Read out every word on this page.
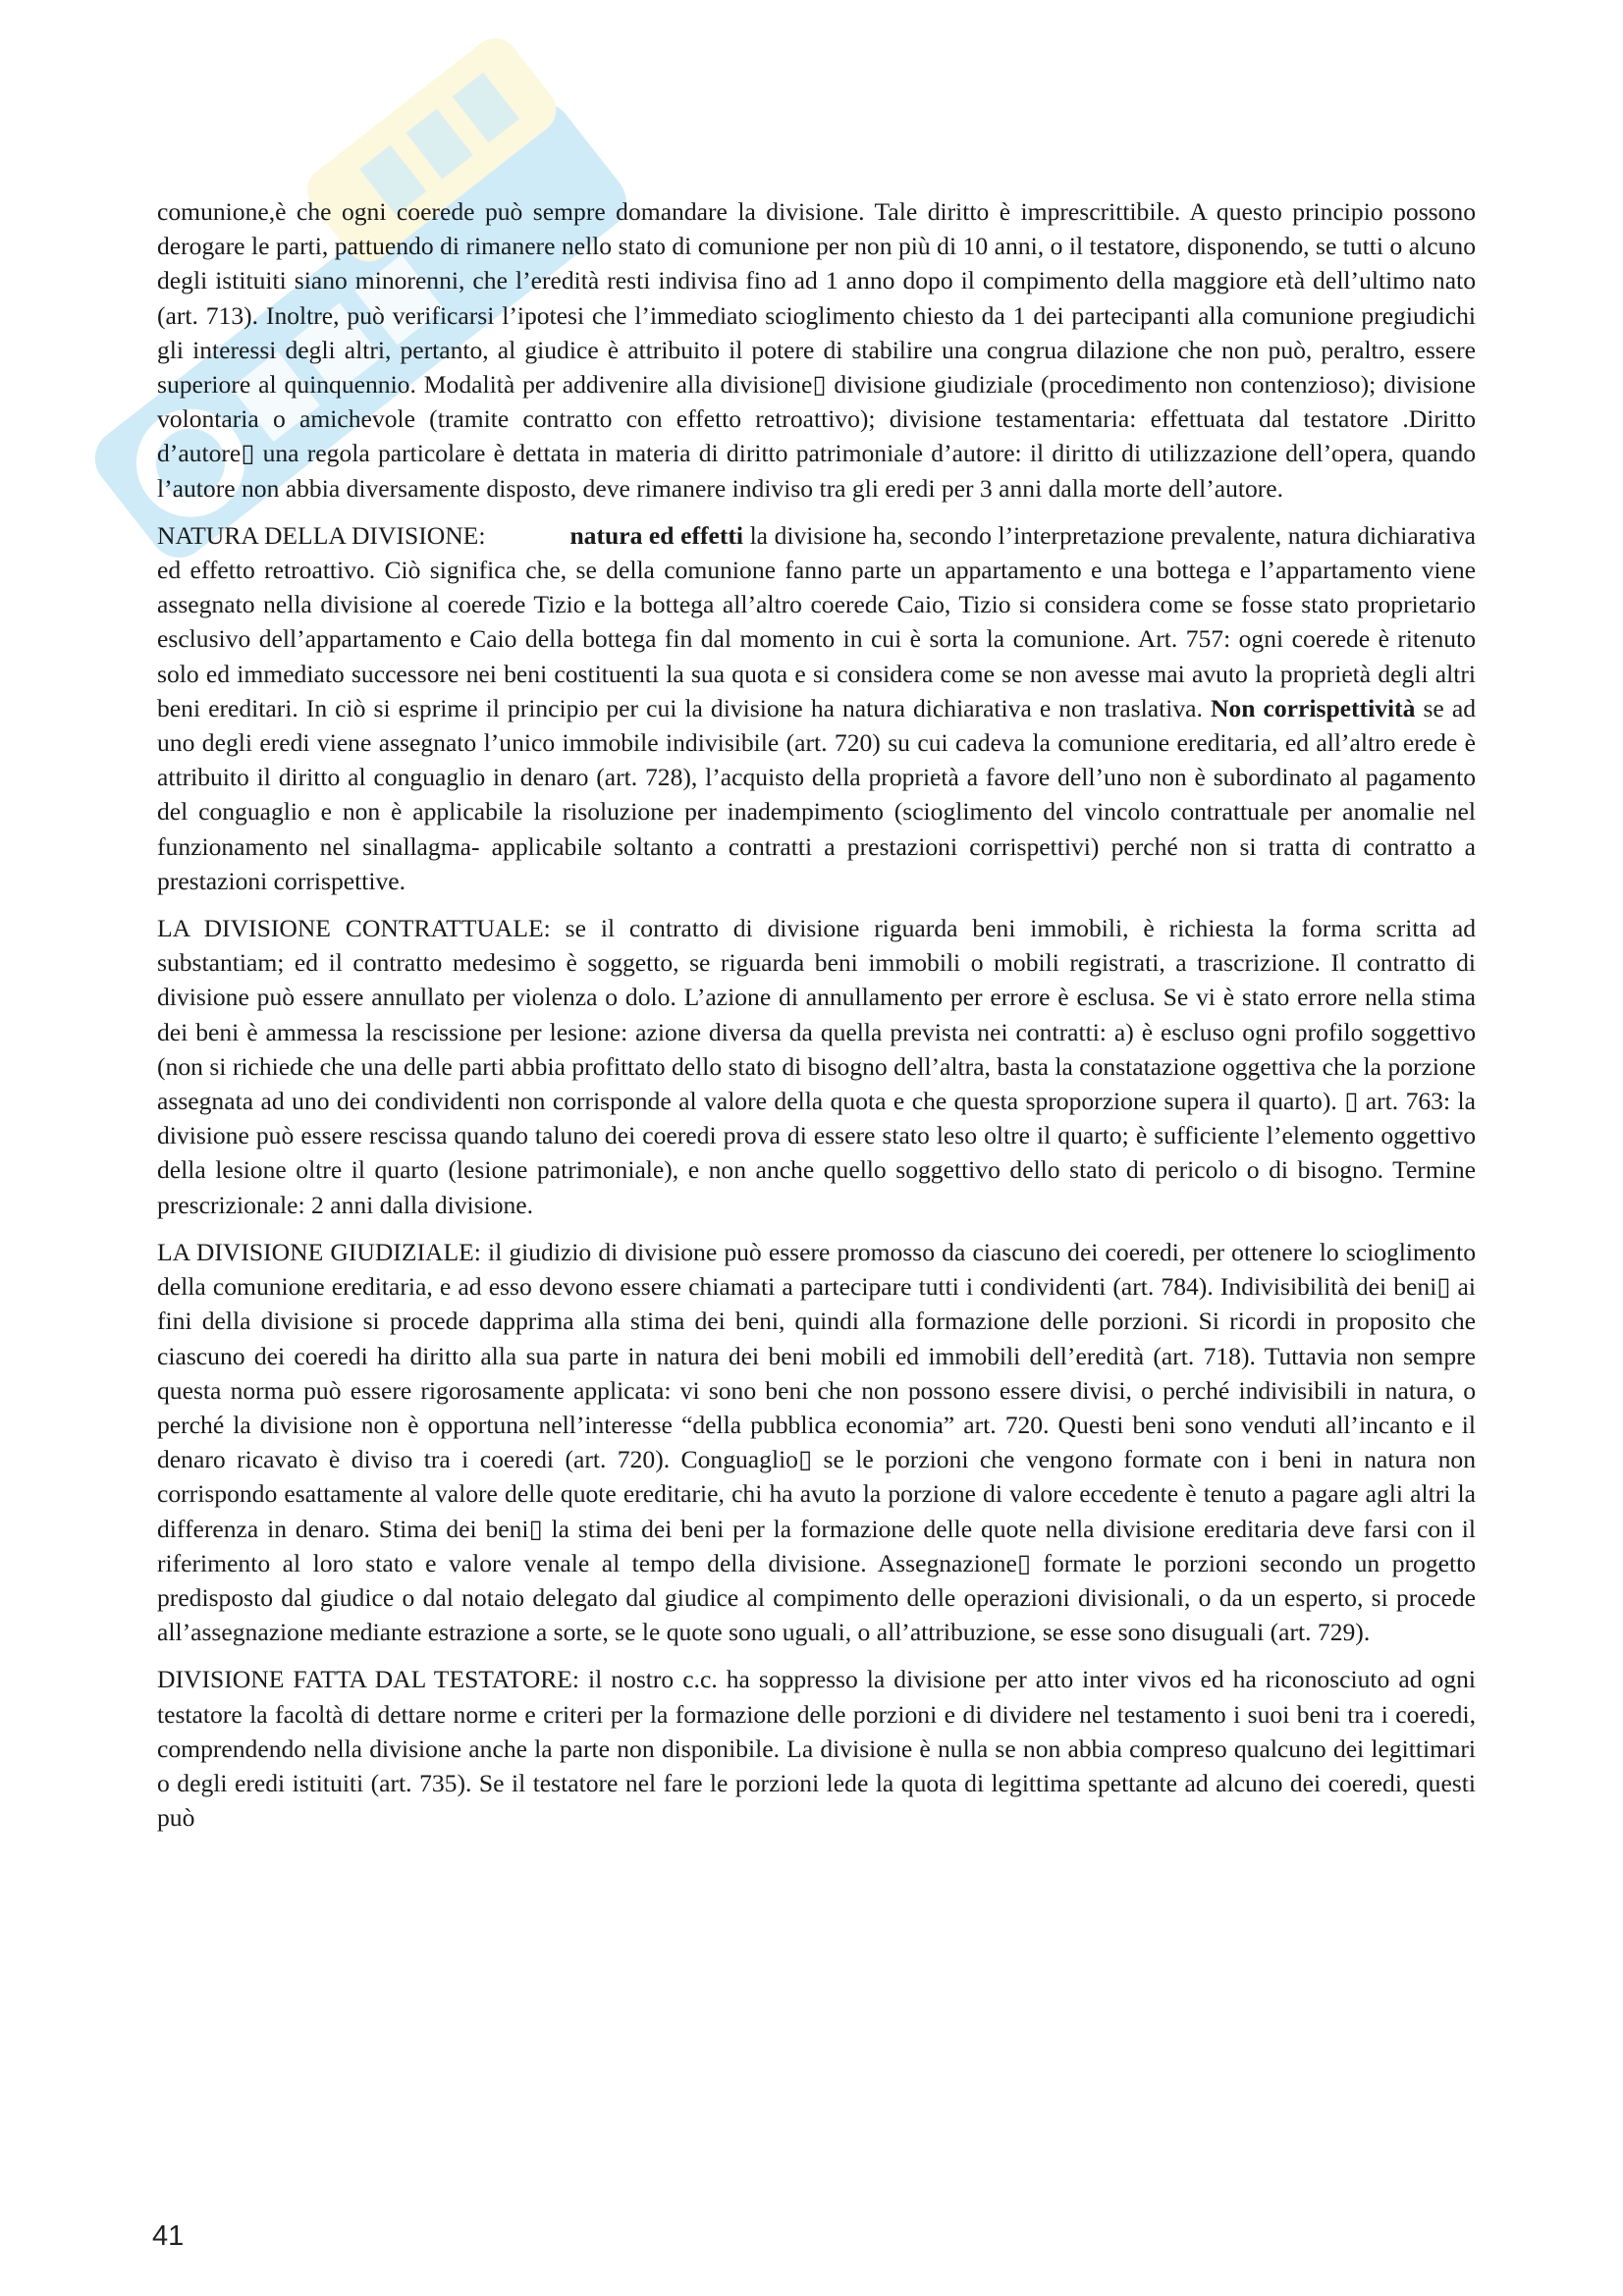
comunione,è che ogni coerede può sempre domandare la divisione. Tale diritto è imprescrittibile. A questo principio possono derogare le parti, pattuendo di rimanere nello stato di comunione per non più di 10 anni, o il testatore, disponendo, se tutti o alcuno degli istituiti siano minorenni, che l’eredità resti indivisa fino ad 1 anno dopo il compimento della maggiore età dell’ultimo nato (art. 713). Inoltre, può verificarsi l’ipotesi che l’immediato scioglimento chiesto da 1 dei partecipanti alla comunione pregiudichi gli interessi degli altri, pertanto, al giudice è attribuito il potere di stabilire una congrua dilazione che non può, peraltro, essere superiore al quinquennio. Modalità per addivenire alla divisione▯ divisione giudiziale (procedimento non contenzioso); divisione volontaria o amichevole (tramite contratto con effetto retroattivo); divisione testamentaria: effettuata dal testatore .Diritto d’autore▯ una regola particolare è dettata in materia di diritto patrimoniale d’autore: il diritto di utilizzazione dell’opera, quando l’autore non abbia diversamente disposto, deve rimanere indiviso tra gli eredi per 3 anni dalla morte dell’autore.

NATURA DELLA DIVISIONE:	natura ed effetti la divisione ha, secondo l’interpretazione prevalente, natura dichiarativa ed effetto retroattivo. Ciò significa che, se della comunione fanno parte un appartamento e una bottega e l’appartamento viene assegnato nella divisione al coerede Tizio e la bottega all’altro coerede Caio, Tizio si considera come se fosse stato proprietario esclusivo dell’appartamento e Caio della bottega fin dal momento in cui è sorta la comunione. Art. 757: ogni coerede è ritenuto solo ed immediato successore nei beni costituenti la sua quota e si considera come se non avesse mai avuto la proprietà degli altri beni ereditari. In ciò si esprime il principio per cui la divisione ha natura dichiarativa e non traslativa. Non corrispettività se ad uno degli eredi viene assegnato l’unico immobile indivisibile (art. 720) su cui cadeva la comunione ereditaria, ed all’altro erede è attribuito il diritto al conguaglio in denaro (art. 728), l’acquisto della proprietà a favore dell’uno non è subordinato al pagamento del conguaglio e non è applicabile la risoluzione per inadempimento (scioglimento del vincolo contrattuale per anomalie nel funzionamento nel sinallagma- applicabile soltanto a contratti a prestazioni corrispettivi) perché non si tratta di contratto a prestazioni corrispettive.

LA DIVISIONE CONTRATTUALE: se il contratto di divisione riguarda beni immobili, è richiesta la forma scritta ad substantiam; ed il contratto medesimo è soggetto, se riguarda beni immobili o mobili registrati, a trascrizione. Il contratto di divisione può essere annullato per violenza o dolo. L’azione di annullamento per errore è esclusa. Se vi è stato errore nella stima dei beni è ammessa la rescissione per lesione: azione diversa da quella prevista nei contratti: a) è escluso ogni profilo soggettivo (non si richiede che una delle parti abbia profittato dello stato di bisogno dell’altra, basta la constatazione oggettiva che la porzione assegnata ad uno dei condividenti non corrisponde al valore della quota e che questa sproporzione supera il quarto). ▯ art. 763: la divisione può essere rescissa quando taluno dei coeredi prova di essere stato leso oltre il quarto; è sufficiente l’elemento oggettivo della lesione oltre il quarto (lesione patrimoniale), e non anche quello soggettivo dello stato di pericolo o di bisogno. Termine prescrizionale: 2 anni dalla divisione.

LA DIVISIONE GIUDIZIALE: il giudizio di divisione può essere promosso da ciascuno dei coeredi, per ottenere lo scioglimento della comunione ereditaria, e ad esso devono essere chiamati a partecipare tutti i condividenti (art. 784). Indivisibilità dei beni▯ ai fini della divisione si procede dapprima alla stima dei beni, quindi alla formazione delle porzioni. Si ricordi in proposito che ciascuno dei coeredi ha diritto alla sua parte in natura dei beni mobili ed immobili dell’eredità (art. 718). Tuttavia non sempre questa norma può essere rigorosamente applicata: vi sono beni che non possono essere divisi, o perché indivisibili in natura, o perché la divisione non è opportuna nell’interesse “della pubblica economia” art. 720. Questi beni sono venduti all’incanto e il denaro ricavato è diviso tra i coeredi (art. 720). Conguaglio▯ se le porzioni che vengono formate con i beni in natura non corrispondo esattamente al valore delle quote ereditarie, chi ha avuto la porzione di valore eccedente è tenuto a pagare agli altri la differenza in denaro. Stima dei beni▯ la stima dei beni per la formazione delle quote nella divisione ereditaria deve farsi con il riferimento al loro stato e valore venale al tempo della divisione. Assegnazione▯ formate le porzioni secondo un progetto predisposto dal giudice o dal notaio delegato dal giudice al compimento delle operazioni divisionali, o da un esperto, si procede all’assegnazione mediante estrazione a sorte, se le quote sono uguali, o all’attribuzione, se esse sono disuguali (art. 729).

DIVISIONE FATTA DAL TESTATORE: il nostro c.c. ha soppresso la divisione per atto inter vivos ed ha riconosciuto ad ogni testatore la facoltà di dettare norme e criteri per la formazione delle porzioni e di dividere nel testamento i suoi beni tra i coeredi, comprendendo nella divisione anche la parte non disponibile. La divisione è nulla se non abbia compreso qualcuno dei legittimari o degli eredi istituiti (art. 735). Se il testatore nel fare le porzioni lede la quota di legittima spettante ad alcuno dei coeredi, questi può

41
